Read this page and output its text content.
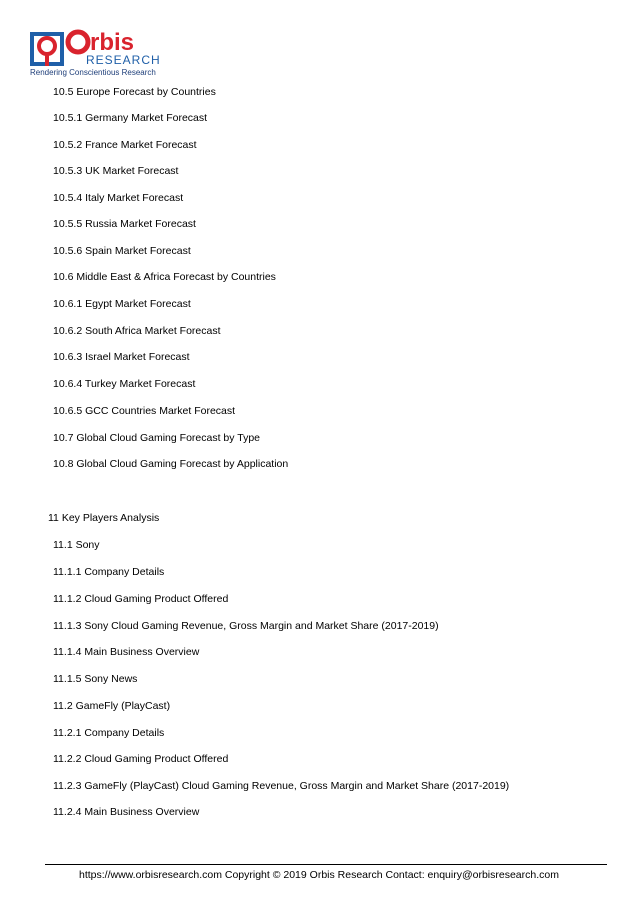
rbis
RESEARCH
Rendering Conscientious Research
10.5 Europe Forecast by Countries
10.5.1 Germany Market Forecast
10.5.2 France Market Forecast
10.5.3 UK Market Forecast
10.5.4 Italy Market Forecast
10.5.5 Russia Market Forecast
10.5.6 Spain Market Forecast
10.6 Middle East & Africa Forecast by Countries
10.6.1 Egypt Market Forecast
10.6.2 South Africa Market Forecast
10.6.3 Israel Market Forecast
10.6.4 Turkey Market Forecast
10.6.5 GCC Countries Market Forecast
10.7 Global Cloud Gaming Forecast by Type
10.8 Global Cloud Gaming Forecast by Application
11 Key Players Analysis
11.1 Sony
11.1.1 Company Details
11.1.2 Cloud Gaming Product Offered
11.1.3 Sony Cloud Gaming Revenue, Gross Margin and Market Share (2017-2019)
11.1.4 Main Business Overview
11.1.5 Sony News
11.2 GameFly (PlayCast)
11.2.1 Company Details
11.2.2 Cloud Gaming Product Offered
11.2.3 GameFly (PlayCast) Cloud Gaming Revenue, Gross Margin and Market Share (2017-2019)
11.2.4 Main Business Overview
https://www.orbisresearch.com Copyright © 2019 Orbis Research Contact: enquiry@orbisresearch.com
